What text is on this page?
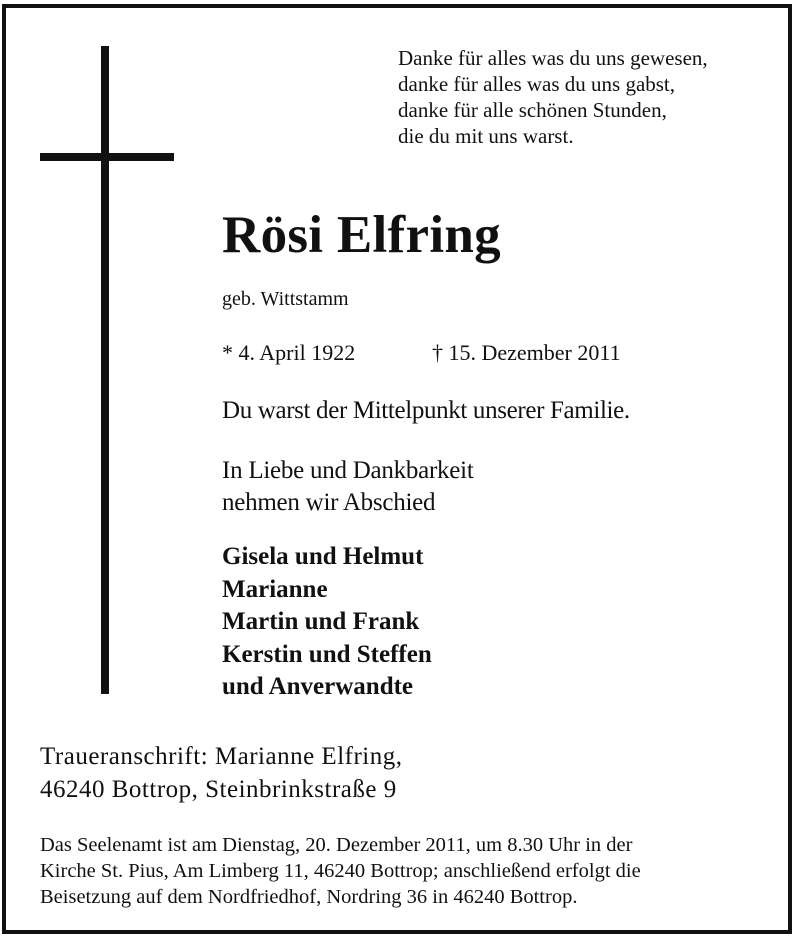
Danke für alles was du uns gewesen,
danke für alles was du uns gabst,
danke für alle schönen Stunden,
die du mit uns warst.
Rösi Elfring
geb. Wittstamm
* 4. April 1922	† 15. Dezember 2011
Du warst der Mittelpunkt unserer Familie.
In Liebe und Dankbarkeit
nehmen wir Abschied
Gisela und Helmut
Marianne
Martin und Frank
Kerstin und Steffen
und Anverwandte
Traueranschrift: Marianne Elfring,
46240 Bottrop, Steinbrinkstraße 9
Das Seelenamt ist am Dienstag, 20. Dezember 2011, um 8.30 Uhr in der
Kirche St. Pius, Am Limberg 11, 46240 Bottrop; anschließend erfolgt die
Beisetzung auf dem Nordfriedhof, Nordring 36 in 46240 Bottrop.
